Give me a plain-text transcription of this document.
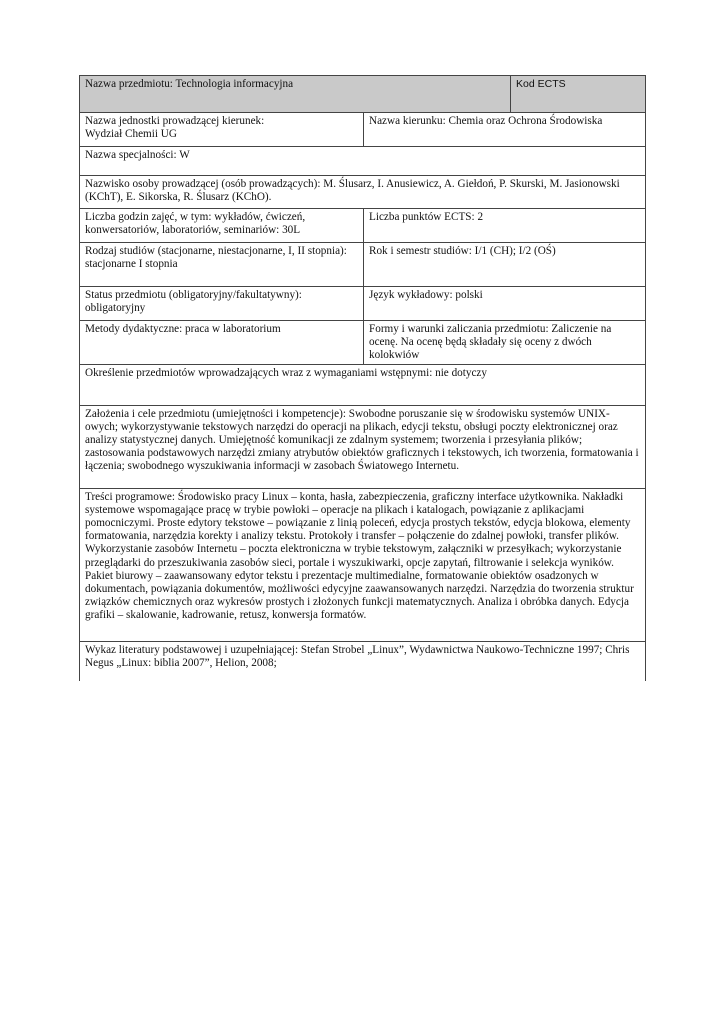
Nazwa przedmiotu: Technologia informacyjna		Kod ECTS

Nazwa jednostki prowadzącej kierunek:
Wydział Chemii UG	Nazwa kierunku: Chemia oraz Ochrona Środowiska	
Nazwa specjalności: W		
Nazwisko osoby prowadzącej (osób prowadzących): M. Ślusarz, I. Anusiewicz, A. Giełdoń, P. Skurski, M. Jasionowski (KChT), E. Sikorska, R. Ślusarz (KChO).		
Liczba godzin zajęć, w tym: wykładów, ćwiczeń, konwersatoriów, laboratoriów, seminariów: 30L	Liczba punktów ECTS: 2	
Rodzaj studiów (stacjonarne, niestacjonarne, I, II stopnia): stacjonarne I stopnia	Rok i semestr studiów: I/1 (CH); I/2 (OŚ)	
Status przedmiotu (obligatoryjny/fakultatywny): obligatoryjny	Język wykładowy: polski	
Metody dydaktyczne: praca w laboratorium	Formy i warunki zaliczania przedmiotu: Zaliczenie na ocenę. Na ocenę będą składały się oceny z dwóch kolokwiów	
Określenie przedmiotów wprowadzających wraz z wymaganiami wstępnymi: nie dotyczy		
Założenia i cele przedmiotu (umiejętności i kompetencje): Swobodne poruszanie się w środowisku systemów UNIX-owych; wykorzystywanie tekstowych narzędzi do operacji na plikach, edycji tekstu, obsługi poczty elektronicznej oraz analizy statystycznej danych. Umiejętność komunikacji ze zdalnym systemem; tworzenia i przesyłania plików; zastosowania podstawowych narzędzi zmiany atrybutów obiektów graficznych i tekstowych, ich tworzenia, formatowania i łączenia; swobodnego wyszukiwania informacji w zasobach Światowego Internetu.		
Treści programowe: Środowisko pracy Linux – konta, hasła, zabezpieczenia, graficzny interface użytkownika. Nakładki systemowe wspomagające pracę w trybie powłoki – operacje na plikach i katalogach, powiązanie z aplikacjami pomocniczymi. Proste edytory tekstowe – powiązanie z linią poleceń, edycja prostych tekstów, edycja blokowa, elementy formatowania, narzędzia korekty i analizy tekstu. Protokoły i transfer – połączenie do zdalnej powłoki, transfer plików. Wykorzystanie zasobów Internetu – poczta elektroniczna w trybie tekstowym, załączniki w przesyłkach; wykorzystanie przeglądarki do przeszukiwania zasobów sieci, portale i wyszukiwarki, opcje zapytań, filtrowanie i selekcja wyników. Pakiet biurowy – zaawansowany edytor tekstu i prezentacje multimedialne, formatowanie obiektów osadzonych w dokumentach, powiązania dokumentów, możliwości edycyjne zaawansowanych narzędzi. Narzędzia do tworzenia struktur związków chemicznych oraz wykresów prostych i złożonych funkcji matematycznych. Analiza i obróbka danych. Edycja grafiki – skalowanie, kadrowanie, retusz, konwersja formatów.		
Wykaz literatury podstawowej i uzupełniającej: Stefan Strobel „Linux”, Wydawnictwa Naukowo-Techniczne 1997; Chris Negus „Linux: biblia 2007”, Helion, 2008;		
